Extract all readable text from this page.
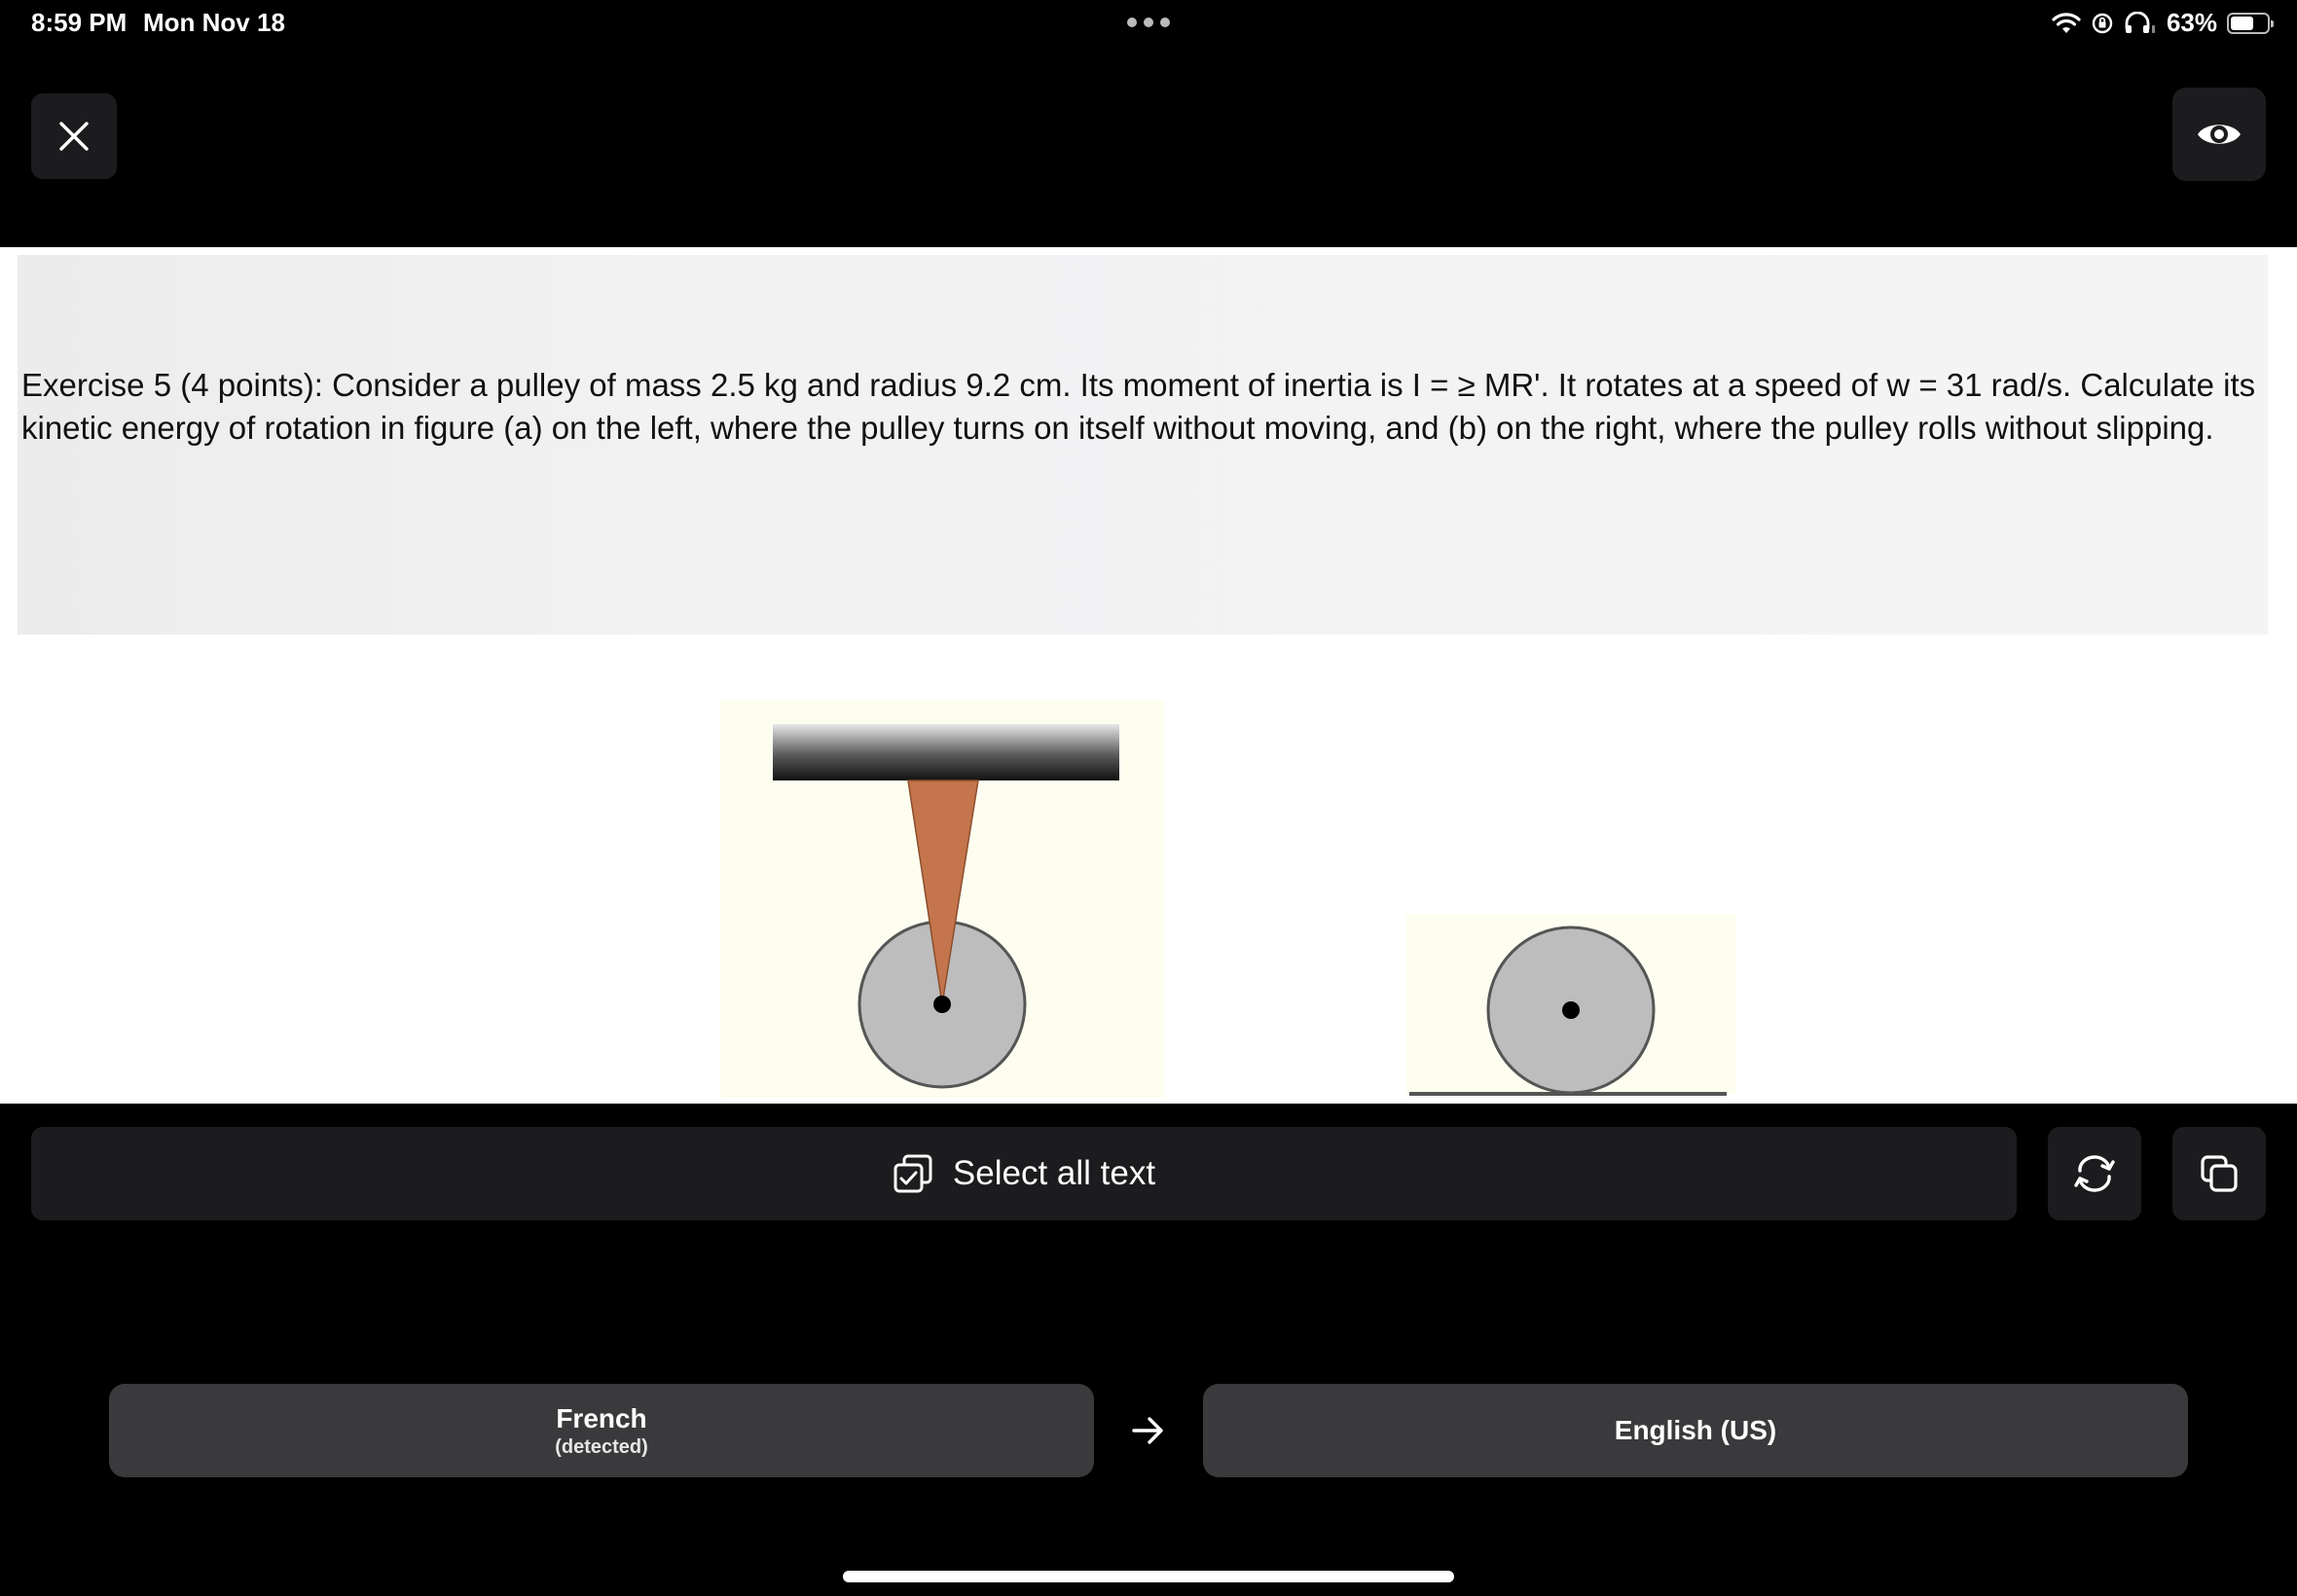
8:59 PM Mon Nov 18	63%
Exercise 5 (4 points): Consider a pulley of mass 2.5 kg and radius 9.2 cm. Its moment of inertia is I = ≥ MR'. It rotates at a speed of w = 31 rad/s. Calculate its kinetic energy of rotation in figure (a) on the left, where the pulley turns on itself without moving, and (b) on the right, where the pulley rolls without slipping.
Select all text
French
(detected)
English (US)
